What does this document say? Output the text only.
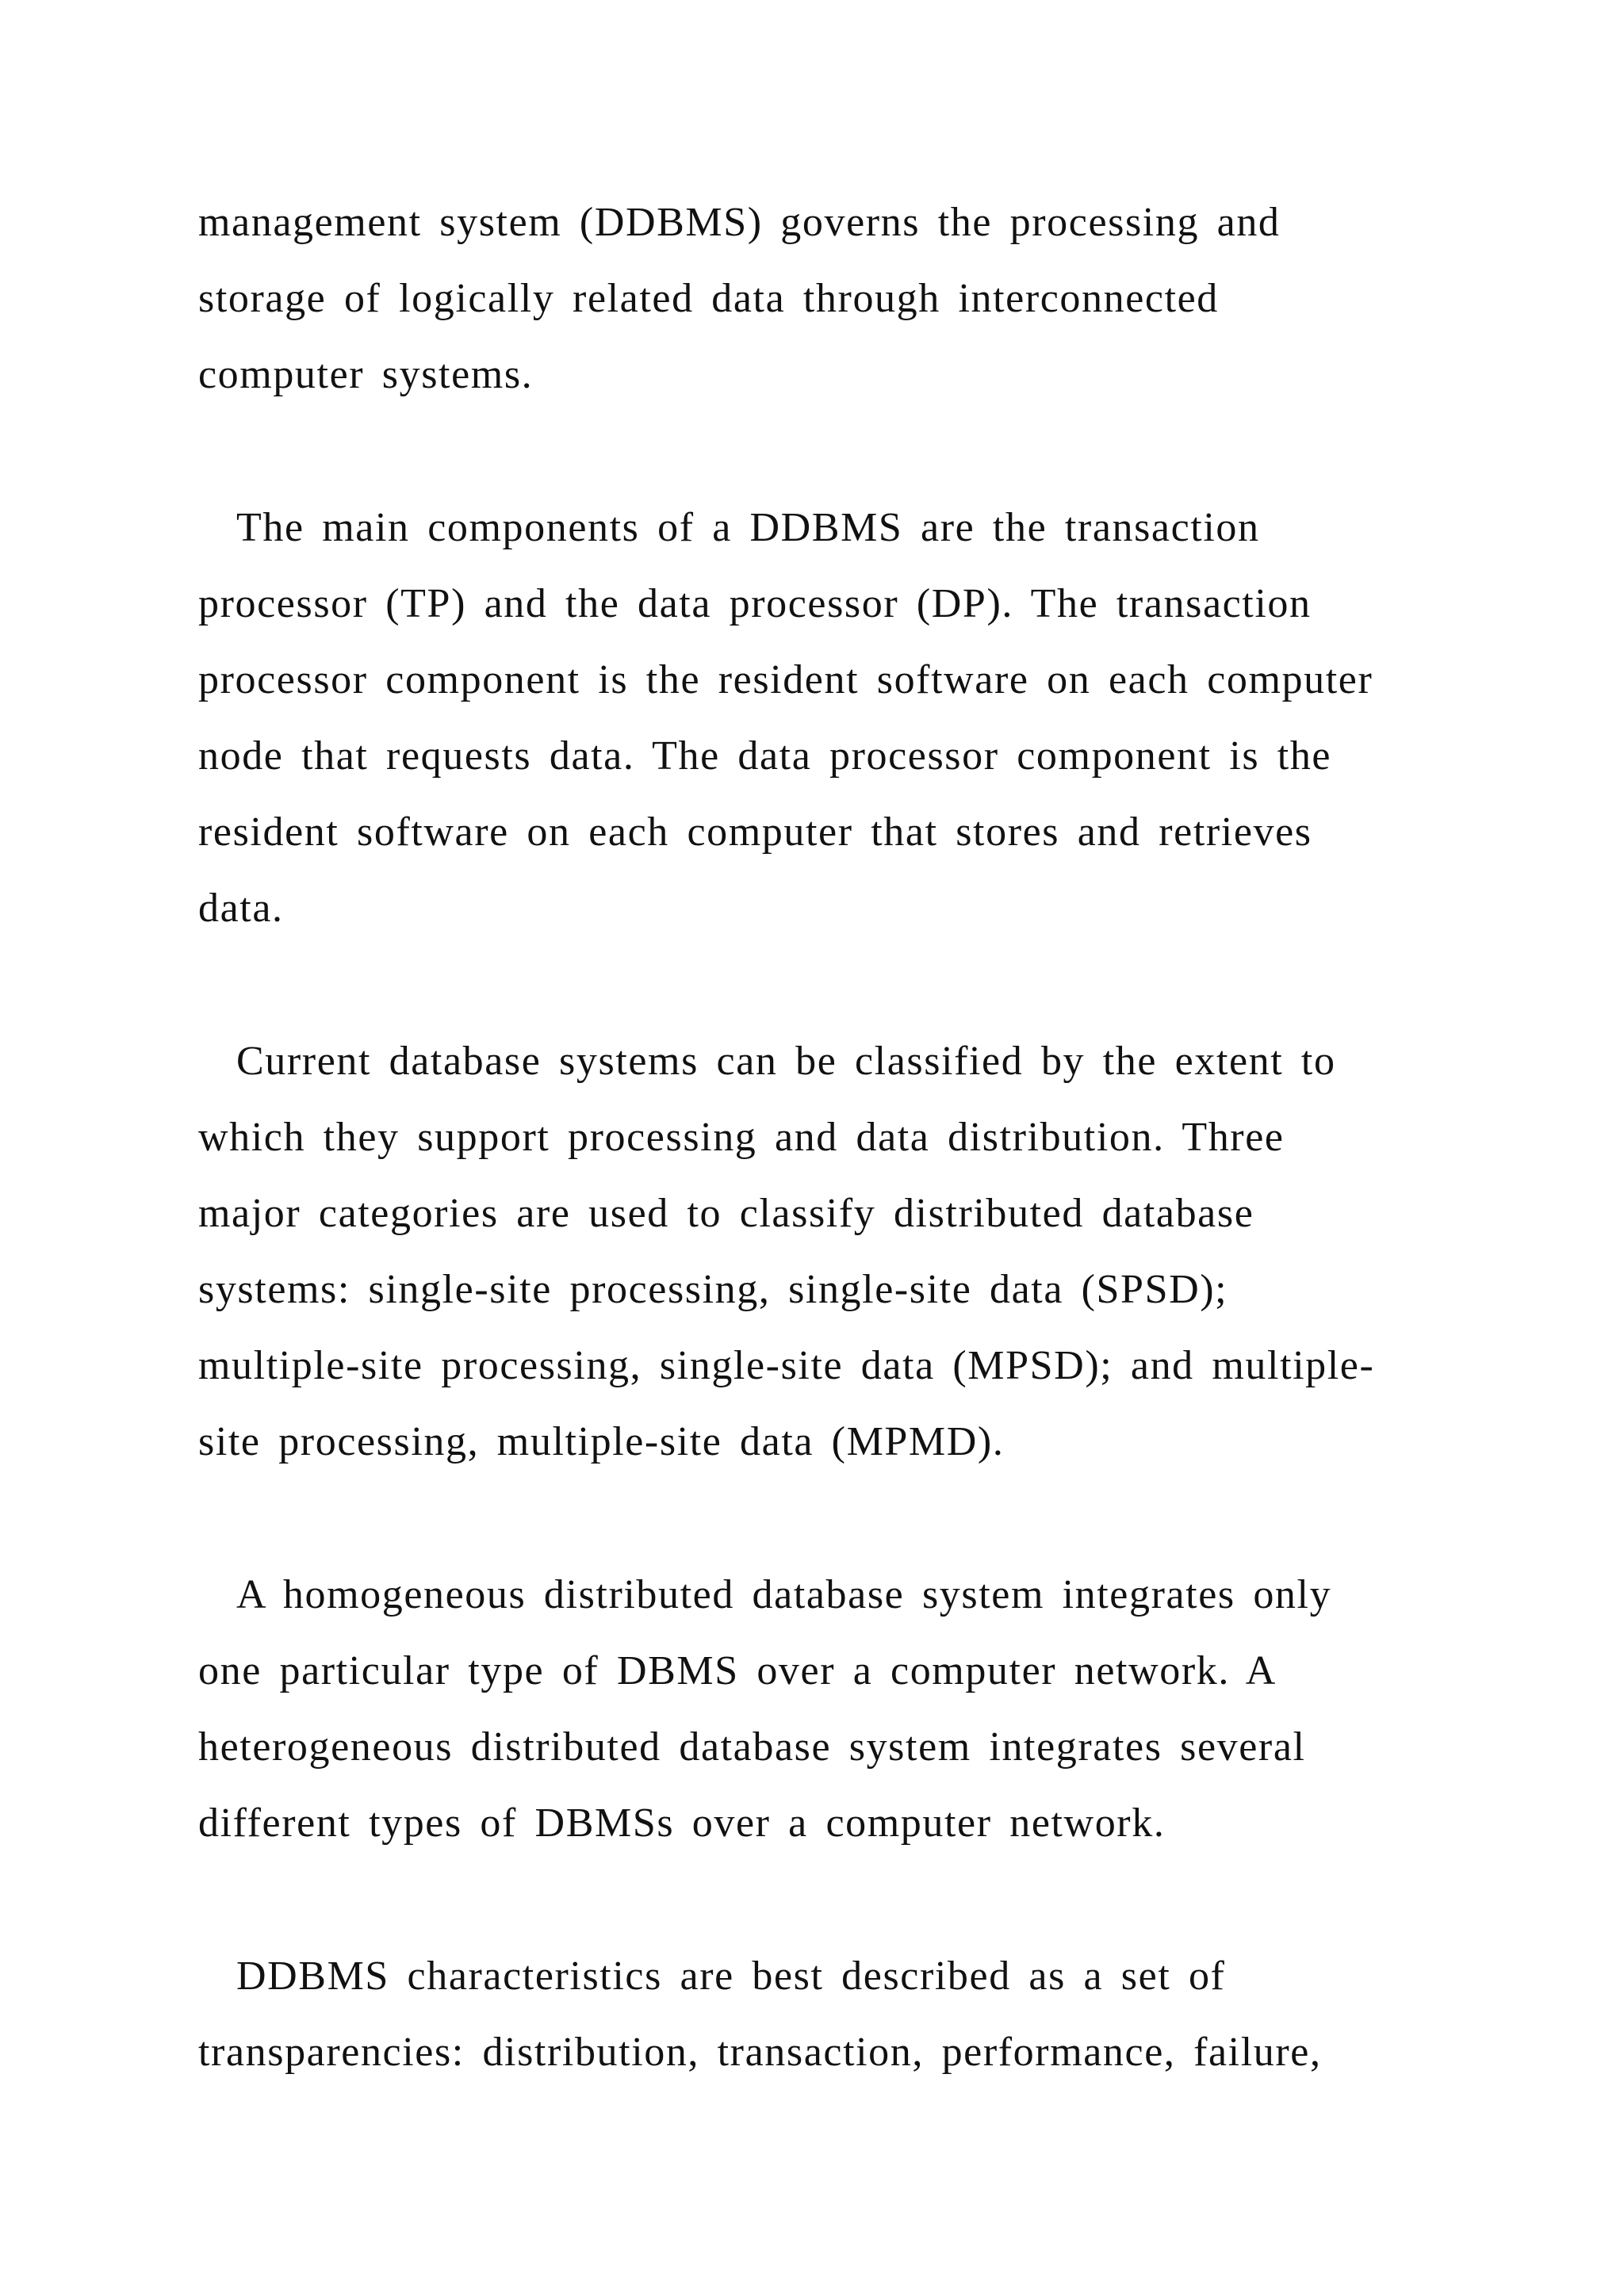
management system (DDBMS) governs the processing and
storage of logically related data through interconnected
computer systems.
The main components of a DDBMS are the transaction
processor (TP) and the data processor (DP). The transaction
processor component is the resident software on each computer
node that requests data. The data processor component is the
resident software on each computer that stores and retrieves
data.
Current database systems can be classified by the extent to
which they support processing and data distribution. Three
major categories are used to classify distributed database
systems: single-site processing, single-site data (SPSD);
multiple-site processing, single-site data (MPSD); and multiple-
site processing, multiple-site data (MPMD).
A homogeneous distributed database system integrates only
one particular type of DBMS over a computer network. A
heterogeneous distributed database system integrates several
different types of DBMSs over a computer network.
DDBMS characteristics are best described as a set of
transparencies: distribution, transaction, performance, failure,
